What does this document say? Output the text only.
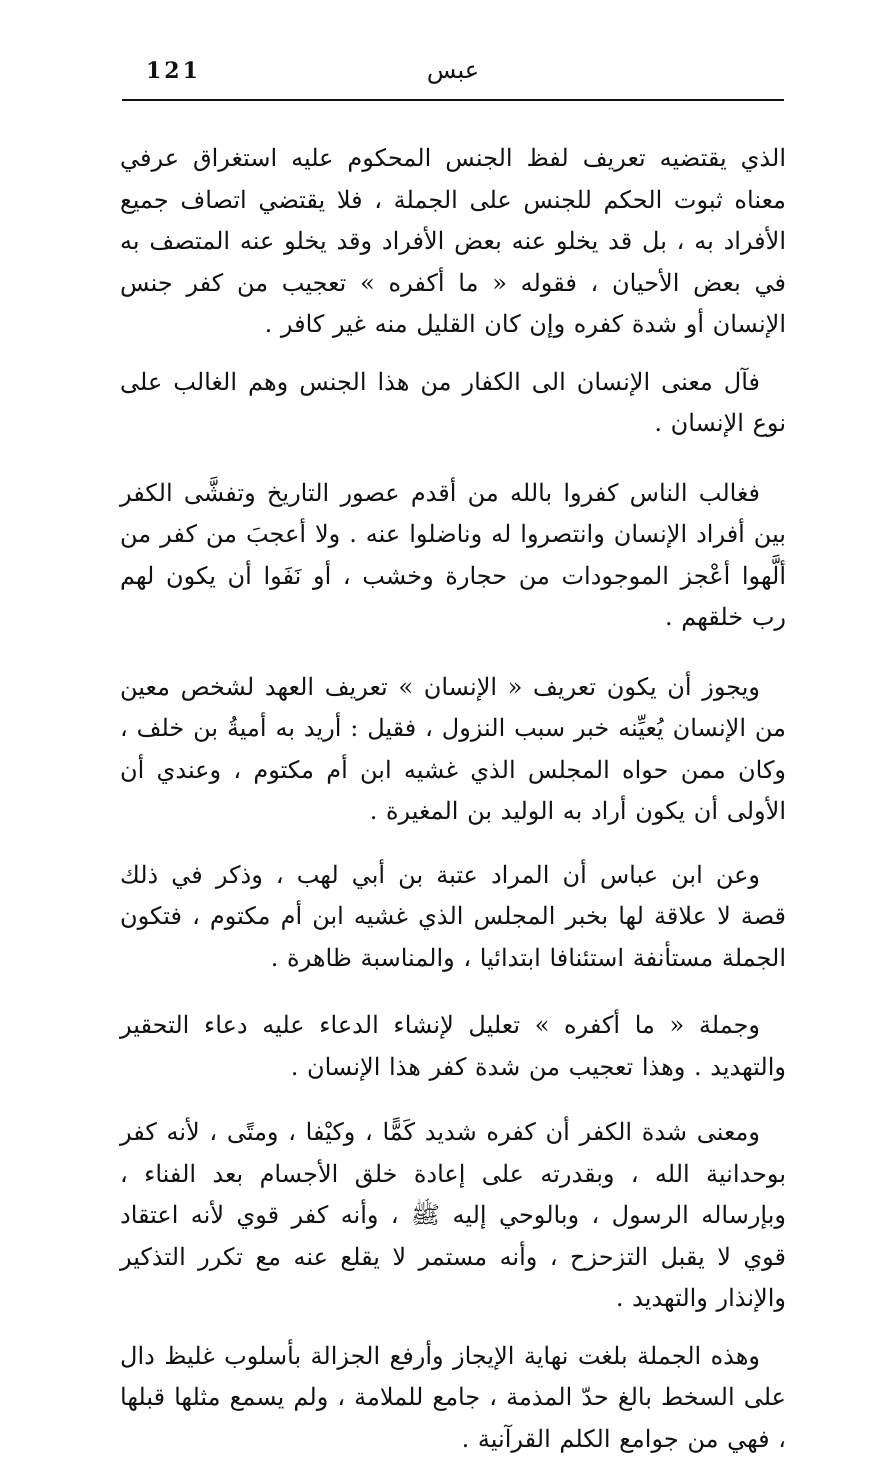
121	عبس

الذي يقتضيه تعريف لفظ الجنس المحكوم عليه استغراق عرفي معناه ثبوت الحكم للجنس على الجملة ، فلا يقتضي اتصاف جميع الأفراد به ، بل قد يخلو عنه بعض الأفراد وقد يخلو عنه المتصف به في بعض الأحيان ، فقوله « ما أكفره » تعجيب من كفر جنس الإنسان أو شدة كفره وإن كان القليل منه غير كافر .

فآل معنى الإنسان الى الكفار من هذا الجنس وهم الغالب على نوع الإنسان .

فغالب الناس كفروا بالله من أقدم عصور التاريخ وتفشَّى الكفر بين أفراد الإنسان وانتصروا له وناضلوا عنه . ولا أعجبَ من كفر من ألَّهوا أعْجز الموجودات من حجارة وخشب ، أو نَفَوا أن يكون لهم رب خلقهم .

ويجوز أن يكون تعريف « الإنسان » تعريف العهد لشخص معين من الإنسان يُعيِّنه خبر سبب النزول ، فقيل : أريد به أميةُ بن خلف ، وكان ممن حواه المجلس الذي غشيه ابن أم مكتوم ، وعندي أن الأولى أن يكون أراد به الوليد بن المغيرة .

وعن ابن عباس أن المراد عتبة بن أبي لهب ، وذكر في ذلك قصة لا علاقة لها بخبر المجلس الذي غشيه ابن أم مكتوم ، فتكون الجملة مستأنفة استئنافا ابتدائيا ، والمناسبة ظاهرة .

وجملة « ما أكفره » تعليل لإنشاء الدعاء عليه دعاء التحقير والتهديد . وهذا تعجيب من شدة كفر هذا الإنسان .

ومعنى شدة الكفر أن كفره شديد كَمًّا ، وكيْفا ، ومتًى ، لأنه كفر بوحدانية الله ، وبقدرته على إعادة خلق الأجسام بعد الفناء ، وبإرساله الرسول ، وبالوحي إليه ﷺ ، وأنه كفر قوي لأنه اعتقاد قوي لا يقبل التزحزح ، وأنه مستمر لا يقلع عنه مع تكرر التذكير والإنذار والتهديد .

وهذه الجملة بلغت نهاية الإيجاز وأرفع الجزالة بأسلوب غليظ دال على السخط بالغ حدّ المذمة ، جامع للملامة ، ولم يسمع مثلها قبلها ، فهي من جوامع الكلم القرآنية .
